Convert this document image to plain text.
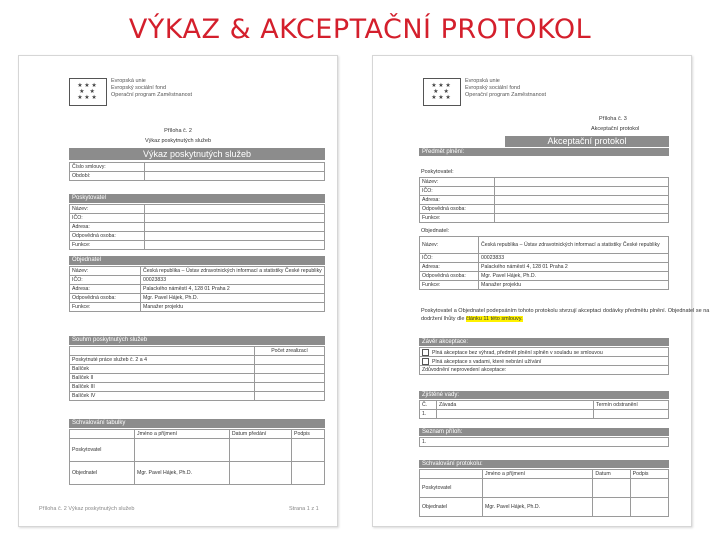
VÝKAZ & AKCEPTAČNÍ PROTOKOL
★ ★ ★
★   ★
★ ★ ★
Evropská unie
Evropský sociální fond
Operační program Zaměstnanost
Příloha č. 2
Výkaz poskytnutých služeb
Výkaz poskytnutých služeb
Číslo smlouvy:	
Období:	
Poskytovatel
Název:	
IČO:	
Adresa:	
Odpovědná osoba:	
Funkce:	
Objednatel
Název:	Česká republika – Ústav zdravotnických informací a statistiky České republiky
IČO:	00023833
Adresa:	Palackého náměstí 4, 128 01 Praha 2
Odpovědná osoba:	Mgr. Pavel Hájek, Ph.D.
Funkce:	Manažer projektu
Souhrn poskytnutých služeb
	Počet zrealizací
Poskytnuté práce služeb č. 2 a 4	
Balíček	
Balíček II	
Balíček III	
Balíček IV	
Schvalování tabulky
	Jméno a příjmení	Datum předání	Podpis
Poskytovatel			
Objednatel	Mgr. Pavel Hájek, Ph.D.		
Příloha č. 2 Výkaz poskytnutých služeb	Strana 1 z 1
★ ★ ★
★   ★
★ ★ ★
Evropská unie
Evropský sociální fond
Operační program Zaměstnanost
Příloha č. 3
Akceptační protokol
Akceptační protokol
Předmět plnění:
Poskytovatel:
Název:	
IČO:	
Adresa:	
Odpovědná osoba:	
Funkce:	
Objednatel:
Název:	Česká republika – Ústav zdravotnických informací a statistiky České republiky
IČO:	00023833
Adresa:	Palackého náměstí 4, 128 01 Praha 2
Odpovědná osoba:	Mgr. Pavel Hájek, Ph.D.
Funkce:	Manažer projektu
Poskytovatel a Objednatel podepsáním tohoto protokolu stvrzují akceptaci dodávky předmětu plnění. Objednatel se na
dodržení lhůty dle článku 11 této smlouvy.
Závěr akceptace:
Plná akceptace bez výhrad, předmět plnění splněn v souladu se smlouvou
Plná akceptace s vadami, které nebrání užívání
Zdůvodnění neprovedení akceptace:
Zjištěné vady:
Č.	Závada	Termín odstranění
1.		
Seznam příloh:
1.
Schvalování protokolu:
	Jméno a příjmení	Datum	Podpis
Poskytovatel			
Objednatel	Mgr. Pavel Hájek, Ph.D.		
